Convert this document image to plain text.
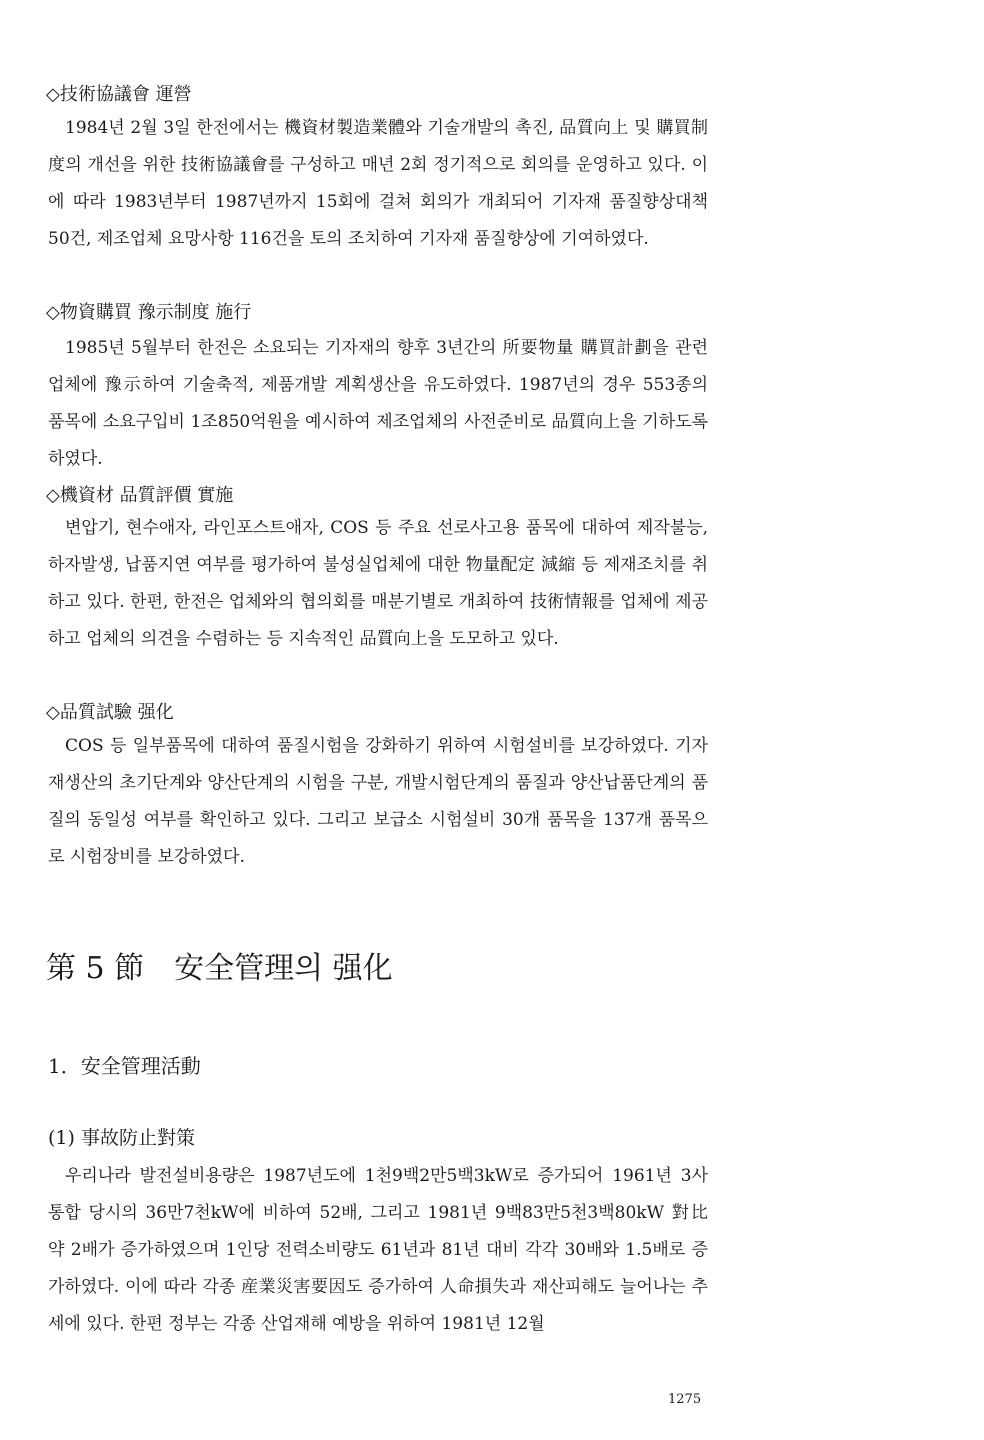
◇技術協議會 運營

1984년 2월 3일 한전에서는 機資材製造業體와 기술개발의 촉진, 品質向上 및 購買制度의 개선을 위한 技術協議會를 구성하고 매년 2회 정기적으로 회의를 운영하고 있다. 이에 따라 1983년부터 1987년까지 15회에 걸쳐 회의가 개최되어 기자재 품질향상대책 50건, 제조업체 요망사항 116건을 토의 조치하여 기자재 품질향상에 기여하였다.

◇物資購買 豫示制度 施行

1985년 5월부터 한전은 소요되는 기자재의 향후 3년간의 所要物量 購買計劃을 관련업체에 豫示하여 기술축적, 제품개발 계획생산을 유도하였다. 1987년의 경우 553종의 품목에 소요구입비 1조850억원을 예시하여 제조업체의 사전준비로 品質向上을 기하도록 하였다.

◇機資材 品質評價 實施

변압기, 현수애자, 라인포스트애자, COS 등 주요 선로사고용 품목에 대하여 제작불능, 하자발생, 납품지연 여부를 평가하여 불성실업체에 대한 物量配定 減縮 등 제재조치를 취하고 있다. 한편, 한전은 업체와의 협의회를 매분기별로 개최하여 技術情報를 업체에 제공하고 업체의 의견을 수렴하는 등 지속적인 品質向上을 도모하고 있다.

◇品質試驗 强化

COS 등 일부품목에 대하여 품질시험을 강화하기 위하여 시험설비를 보강하였다. 기자재생산의 초기단계와 양산단계의 시험을 구분, 개발시험단계의 품질과 양산납품단계의 품질의 동일성 여부를 확인하고 있다. 그리고 보급소 시험설비 30개 품목을 137개 품목으로 시험장비를 보강하였다.

第 5 節　安全管理의 强化
1．安全管理活動
(1) 事故防止對策

우리나라 발전설비용량은 1987년도에 1천9백2만5백3kW로 증가되어 1961년 3사 통합 당시의 36만7천kW에 비하여 52배, 그리고 1981년 9백83만5천3백80kW 對比 약 2배가 증가하였으며 1인당 전력소비량도 61년과 81년 대비 각각 30배와 1.5배로 증가하였다. 이에 따라 각종 産業災害要因도 증가하여 人命損失과 재산피해도 늘어나는 추세에 있다. 한편 정부는 각종 산업재해 예방을 위하여 1981년 12월

1275
